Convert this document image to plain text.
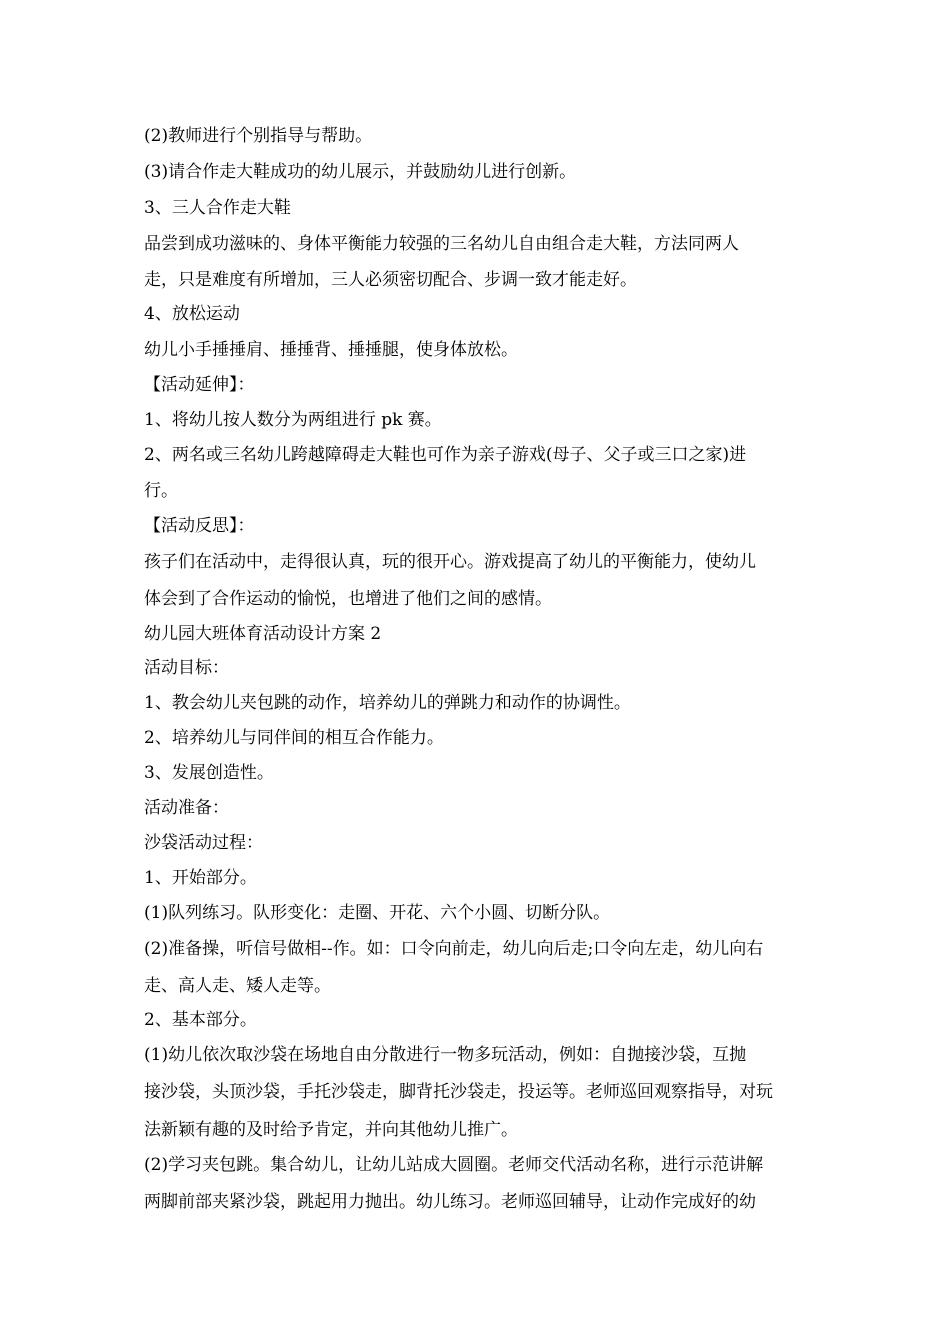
(2)教师进行个别指导与帮助。

(3)请合作走大鞋成功的幼儿展示，并鼓励幼儿进行创新。

3、三人合作走大鞋

品尝到成功滋味的、身体平衡能力较强的三名幼儿自由组合走大鞋，方法同两人

走，只是难度有所增加，三人必须密切配合、步调一致才能走好。

4、放松运动

幼儿小手捶捶肩、捶捶背、捶捶腿，使身体放松。

【活动延伸】：

1、将幼儿按人数分为两组进行 pk 赛。

2、两名或三名幼儿跨越障碍走大鞋也可作为亲子游戏(母子、父子或三口之家)进

行。

【活动反思】：

孩子们在活动中，走得很认真，玩的很开心。游戏提高了幼儿的平衡能力，使幼儿

体会到了合作运动的愉悦，也增进了他们之间的感情。

幼儿园大班体育活动设计方案 2

活动目标：

1、教会幼儿夹包跳的动作，培养幼儿的弹跳力和动作的协调性。

2、培养幼儿与同伴间的相互合作能力。

3、发展创造性。

活动准备：

沙袋活动过程：

1、开始部分。

(1)队列练习。队形变化：走圈、开花、六个小圆、切断分队。

(2)准备操，听信号做相--作。如：口令向前走，幼儿向后走;口令向左走，幼儿向右

走、高人走、矮人走等。

2、基本部分。

(1)幼儿依次取沙袋在场地自由分散进行一物多玩活动，例如：自抛接沙袋，互抛

接沙袋，头顶沙袋，手托沙袋走，脚背托沙袋走，投运等。老师巡回观察指导，对玩

法新颖有趣的及时给予肯定，并向其他幼儿推广。

(2)学习夹包跳。集合幼儿，让幼儿站成大圆圈。老师交代活动名称，进行示范讲解

两脚前部夹紧沙袋，跳起用力抛出。幼儿练习。老师巡回辅导，让动作完成好的幼
